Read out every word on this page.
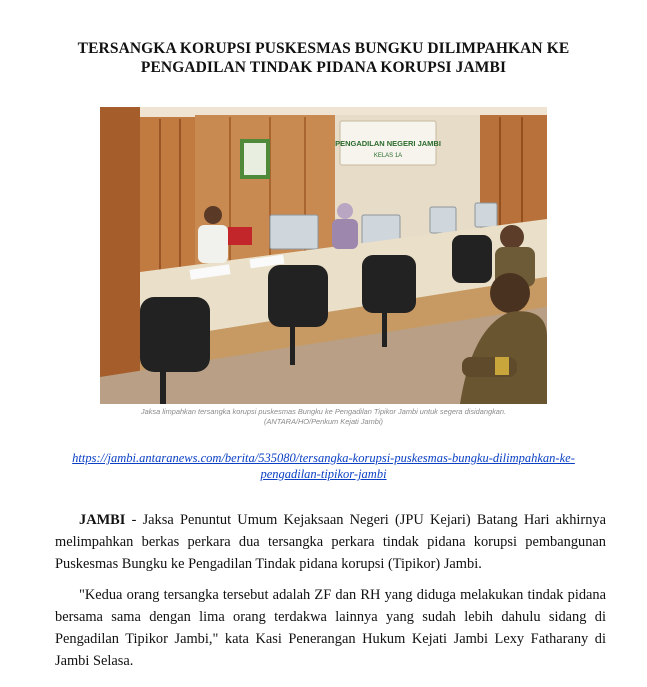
TERSANGKA KORUPSI PUSKESMAS BUNGKU DILIMPAHKAN KE
PENGADILAN TINDAK PIDANA KORUPSI JAMBI
PENGADILAN NEGERI JAMBI
KELAS 1A
Jaksa limpahkan tersangka korupsi puskesmas Bungku ke Pengadilan Tipikor Jambi untuk segera disidangkan.
(ANTARA/HO/Penkum Kejati Jambi)
https://jambi.antaranews.com/berita/535080/tersangka-korupsi-puskesmas-bungku-dilimpahkan-ke-
pengadilan-tipikor-jambi

JAMBI - Jaksa Penuntut Umum Kejaksaan Negeri (JPU Kejari) Batang Hari akhirnya melimpahkan berkas perkara dua tersangka perkara tindak pidana korupsi pembangunan Puskesmas Bungku ke Pengadilan Tindak pidana korupsi (Tipikor) Jambi.

"Kedua orang tersangka tersebut adalah ZF dan RH yang diduga melakukan tindak pidana bersama sama dengan lima orang terdakwa lainnya yang sudah lebih dahulu sidang di Pengadilan Tipikor Jambi," kata Kasi Penerangan Hukum Kejati Jambi Lexy Fatharany di Jambi Selasa.
